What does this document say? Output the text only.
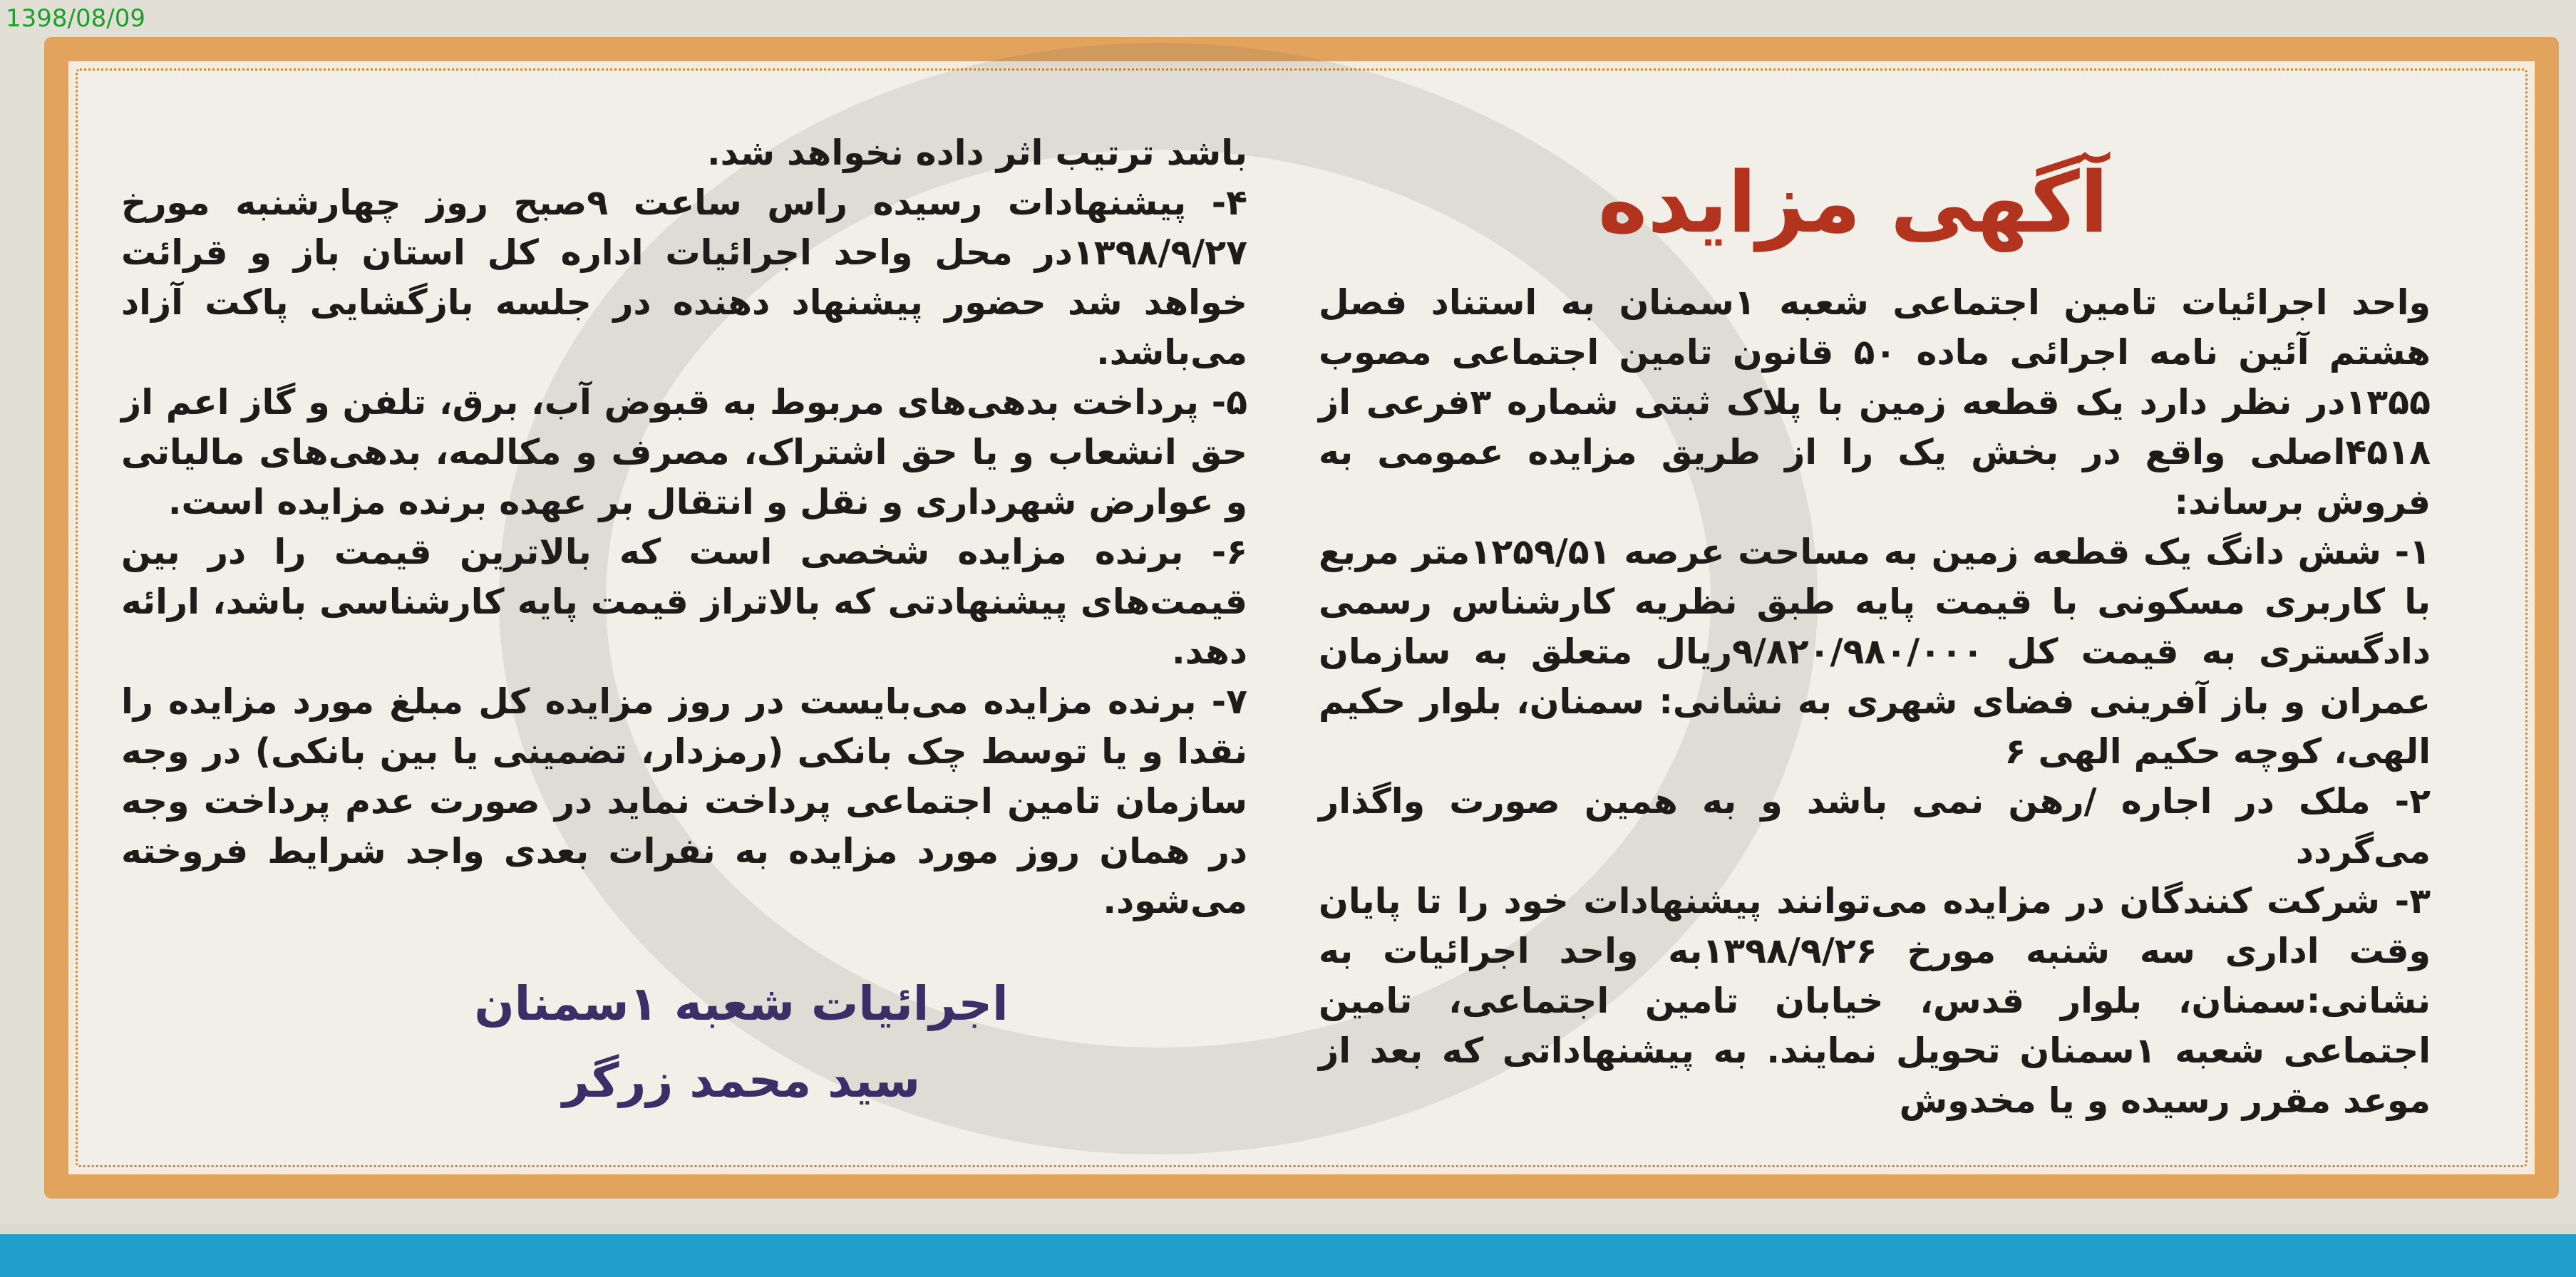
1398/08/09
آگهی مزایده

واحد اجرائیات تامین اجتماعی شعبه ۱سمنان به استناد فصل هشتم آئین نامه اجرائی ماده ۵۰ قانون تامین اجتماعی مصوب ۱۳۵۵در نظر دارد یک قطعه زمین با پلاک ثبتی شماره ۳فرعی از ۴۵۱۸اصلی واقع در بخش یک را از طریق مزایده عمومی به فروش برساند:

۱- شش دانگ یک قطعه زمین به مساحت عرصه ۱۲۵۹/۵۱متر مربع با کاربری مسکونی با قیمت پایه طبق نظریه کارشناس رسمی دادگستری به قیمت کل ۹/۸۲۰/۹۸۰/۰۰۰ریال متعلق به سازمان عمران و باز آفرینی فضای شهری به نشانی: سمنان، بلوار حکیم الهی، کوچه حکیم الهی ۶

۲- ملک در اجاره /رهن نمی باشد و به همین صورت واگذار می‌گردد

۳- شرکت کنندگان در مزایده می‌توانند پیشنهادات خود را تا پایان وقت اداری سه شنبه مورخ ۱۳۹۸/۹/۲۶به واحد اجرائیات به نشانی:سمنان، بلوار قدس، خیابان تامین اجتماعی، تامین اجتماعی شعبه ۱سمنان تحویل نمایند. به پیشنهاداتی که بعد از موعد مقرر رسیده و یا مخدوش

باشد ترتیب اثر داده نخواهد شد.

۴- پیشنهادات رسیده راس ساعت ۹صبح روز چهارشنبه مورخ ۱۳۹۸/۹/۲۷در محل واحد اجرائیات اداره کل استان باز و قرائت خواهد شد حضور پیشنهاد دهنده در جلسه بازگشایی پاکت آزاد می‌باشد.

۵- پرداخت بدهی‌های مربوط به قبوض آب، برق، تلفن و گاز اعم از حق انشعاب و یا حق اشتراک، مصرف و مکالمه، بدهی‌های مالیاتی و عوارض شهرداری و نقل و انتقال بر عهده برنده مزایده است.

۶- برنده مزایده شخصی است که بالاترین قیمت را در بین قیمت‌های پیشنهادتی که بالاتراز قیمت پایه کارشناسی باشد، ارائه دهد.

۷- برنده مزایده می‌بایست در روز مزایده کل مبلغ مورد مزایده را نقدا و یا توسط چک بانکی (رمزدار، تضمینی یا بین بانکی) در وجه سازمان تامین اجتماعی پرداخت نماید در صورت عدم پرداخت وجه در همان روز مورد مزایده به نفرات بعدی واجد شرایط فروخته می‌شود.

اجرائیات شعبه ۱سمنان
سید محمد زرگر
